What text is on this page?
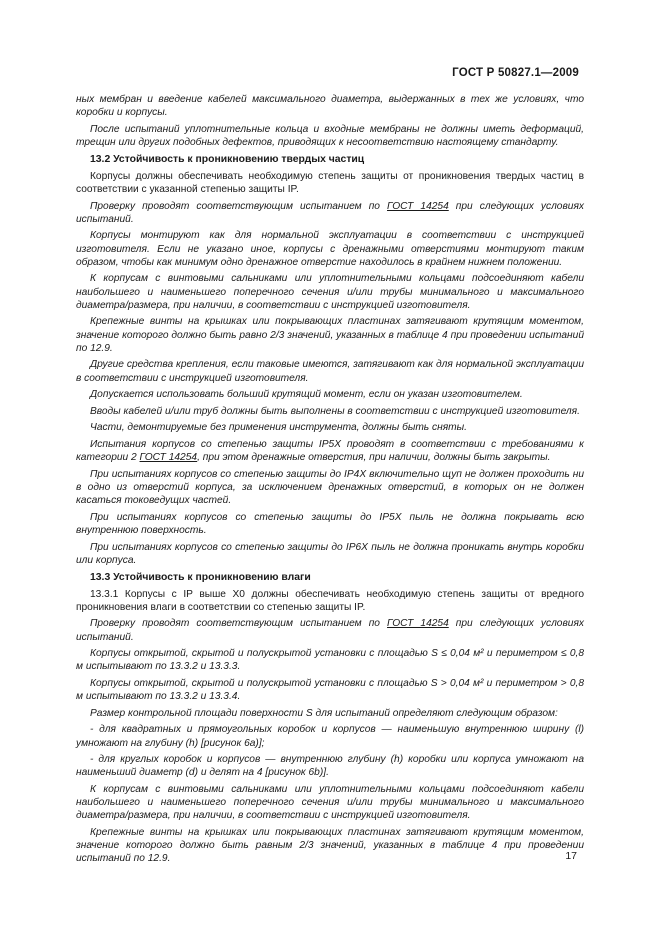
ГОСТ Р 50827.1—2009

ных мембран и введение кабелей максимального диаметра, выдержанных в тех же условиях, что коробки и корпусы.

После испытаний уплотнительные кольца и входные мембраны не должны иметь деформаций, трещин или других подобных дефектов, приводящих к несоответствию настоящему стандарту.

13.2 Устойчивость к проникновению твердых частиц

Корпусы должны обеспечивать необходимую степень защиты от проникновения твердых частиц в соответствии с указанной степенью защиты IP.

Проверку проводят соответствующим испытанием по ГОСТ 14254 при следующих условиях испытаний.

Корпусы монтируют как для нормальной эксплуатации в соответствии с инструкцией изготовителя. Если не указано иное, корпусы с дренажными отверстиями монтируют таким образом, чтобы как минимум одно дренажное отверстие находилось в крайнем нижнем положении.

К корпусам с винтовыми сальниками или уплотнительными кольцами подсоединяют кабели наибольшего и наименьшего поперечного сечения и/или трубы минимального и максимального диаметра/размера, при наличии, в соответствии с инструкцией изготовителя.

Крепежные винты на крышках или покрывающих пластинах затягивают крутящим моментом, значение которого должно быть равно 2/3 значений, указанных в таблице 4 при проведении испытаний по 12.9.

Другие средства крепления, если таковые имеются, затягивают как для нормальной эксплуатации в соответствии с инструкцией изготовителя.

Допускается использовать больший крутящий момент, если он указан изготовителем.

Вводы кабелей и/или труб должны быть выполнены в соответствии с инструкцией изготовителя.

Части, демонтируемые без применения инструмента, должны быть сняты.

Испытания корпусов со степенью защиты IP5X проводят в соответствии с требованиями к категории 2 ГОСТ 14254, при этом дренажные отверстия, при наличии, должны быть закрыты.

При испытаниях корпусов со степенью защиты до IP4X включительно щуп не должен проходить ни в одно из отверстий корпуса, за исключением дренажных отверстий, в которых он не должен касаться токоведущих частей.

При испытаниях корпусов со степенью защиты до IP5X пыль не должна покрывать всю внутреннюю поверхность.

При испытаниях корпусов со степенью защиты до IP6X пыль не должна проникать внутрь коробки или корпуса.

13.3 Устойчивость к проникновению влаги

13.3.1 Корпусы с IP выше X0 должны обеспечивать необходимую степень защиты от вредного проникновения влаги в соответствии со степенью защиты IP.

Проверку проводят соответствующим испытанием по ГОСТ 14254 при следующих условиях испытаний.

Корпусы открытой, скрытой и полускрытой установки с площадью S ≤ 0,04 м² и периметром ≤ 0,8 м испытывают по 13.3.2 и 13.3.3.

Корпусы открытой, скрытой и полускрытой установки с площадью S > 0,04 м² и периметром > 0,8 м испытывают по 13.3.2 и 13.3.4.

Размер контрольной площади поверхности S для испытаний определяют следующим образом:

- для квадратных и прямоугольных коробок и корпусов — наименьшую внутреннюю ширину (l) умножают на глубину (h) [рисунок 6a)];

- для круглых коробок и корпусов — внутреннюю глубину (h) коробки или корпуса умножают на наименьший диаметр (d) и делят на 4 [рисунок 6b)].

К корпусам с винтовыми сальниками или уплотнительными кольцами подсоединяют кабели наибольшего и наименьшего поперечного сечения и/или трубы минимального и максимального диаметра/размера, при наличии, в соответствии с инструкцией изготовителя.

Крепежные винты на крышках или покрывающих пластинах затягивают крутящим моментом, значение которого должно быть равным 2/3 значений, указанных в таблице 4 при проведении испытаний по 12.9.	17
